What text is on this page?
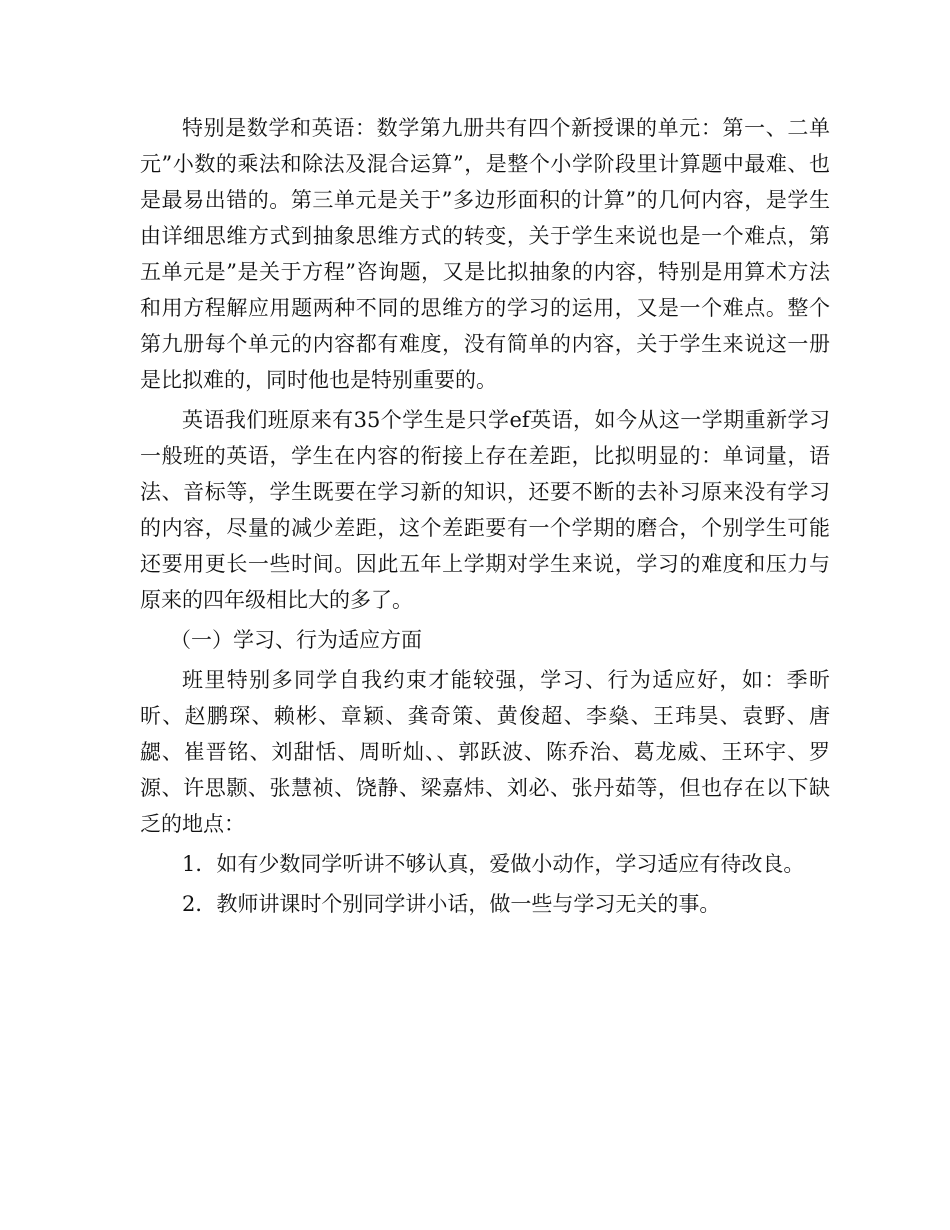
特别是数学和英语：数学第九册共有四个新授课的单元：第一、二单元”小数的乘法和除法及混合运算”，是整个小学阶段里计算题中最难、也是最易出错的。第三单元是关于”多边形面积的计算”的几何内容，是学生由详细思维方式到抽象思维方式的转变，关于学生来说也是一个难点，第五单元是”是关于方程”咨询题，又是比拟抽象的内容，特别是用算术方法和用方程解应用题两种不同的思维方的学习的运用，又是一个难点。整个第九册每个单元的内容都有难度，没有简单的内容，关于学生来说这一册是比拟难的，同时他也是特别重要的。

英语我们班原来有35个学生是只学ef英语，如今从这一学期重新学习一般班的英语，学生在内容的衔接上存在差距，比拟明显的：单词量，语法、音标等，学生既要在学习新的知识，还要不断的去补习原来没有学习的内容，尽量的减少差距，这个差距要有一个学期的磨合，个别学生可能还要用更长一些时间。因此五年上学期对学生来说，学习的难度和压力与原来的四年级相比大的多了。

（一）学习、行为适应方面

班里特别多同学自我约束才能较强，学习、行为适应好，如：季昕昕、赵鹏琛、赖彬、章颖、龚奇策、黄俊超、李燊、王玮昊、袁野、唐勰、崔晋铭、刘甜恬、周昕灿、、郭跃波、陈乔治、葛龙威、王环宇、罗源、许思颢、张慧祯、饶静、梁嘉炜、刘必、张丹茹等，但也存在以下缺乏的地点：

1．如有少数同学听讲不够认真，爱做小动作，学习适应有待改良。

2．教师讲课时个别同学讲小话，做一些与学习无关的事。
